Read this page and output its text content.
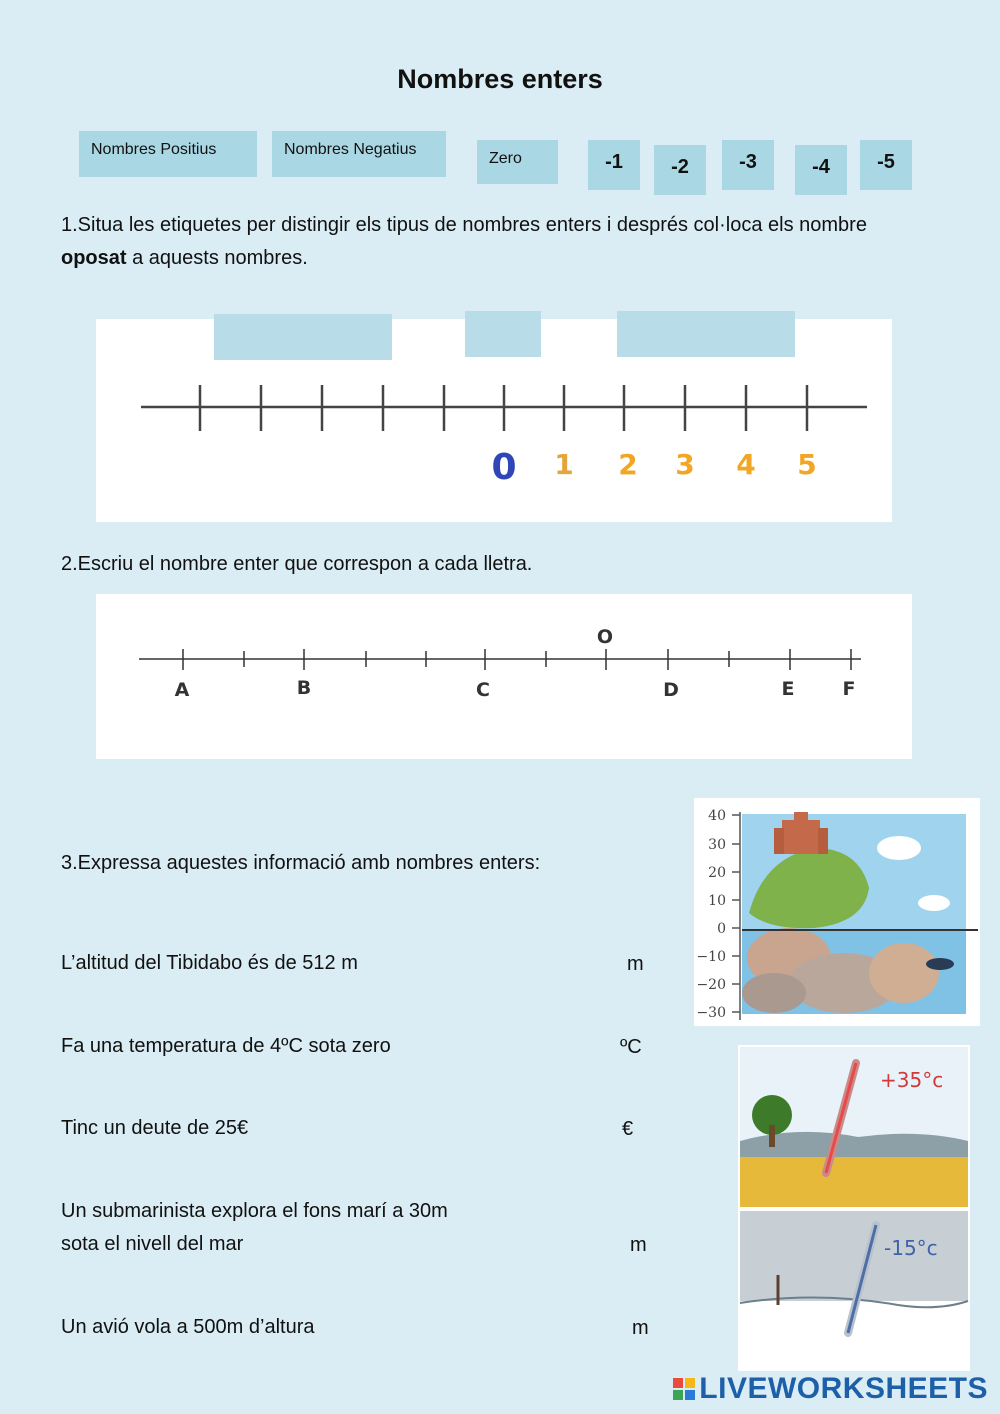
Nombres enters
Nombres Positius	Nombres Negatius
Zero	-1	-2	-3	-4	-5
1.Situa les etiquetes per distingir els tipus de nombres enters i després col·loca els nombre
oposat a aquests nombres.
0 1 2 3 4 5
2.Escriu el nombre enter que correspon a cada lletra.
A	B	C
O
D	E	F
3.Expressa aquestes informació amb nombres enters:
L’altitud del Tibidabo és de 512 m	m
Fa una temperatura de 4ºC sota zero	ºC
Tinc un deute de 25€	€
Un submarinista explora el fons marí a 30m
sota el nivell del mar	m
Un avió vola a 500m d’altura	m
40
30
20
10
0
−10
−20
−30
+35°c
-15°c
LIVEWORKSHEETS
